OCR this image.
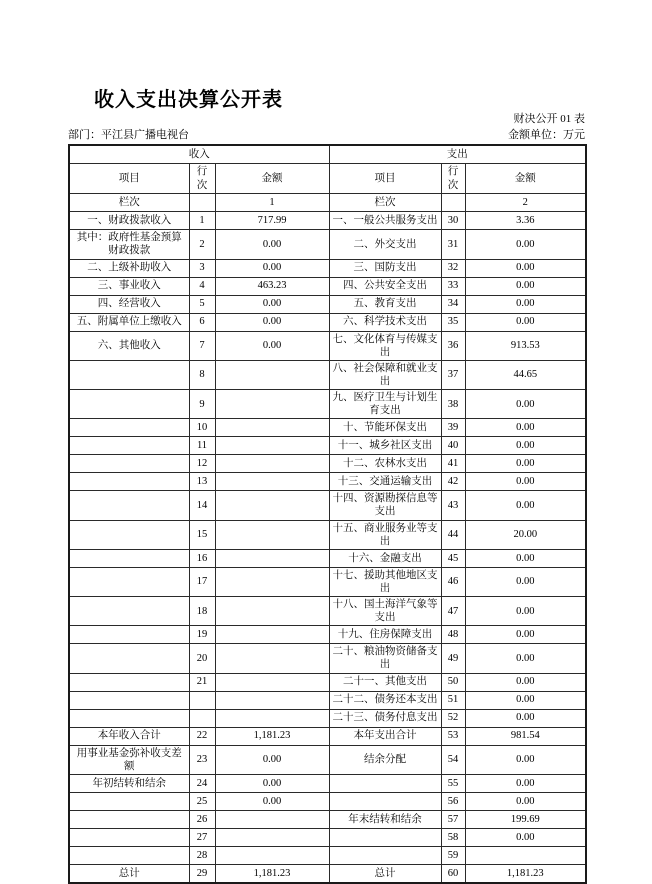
收入支出决算公开表
财决公开 01 表
部门：平江县广播电视台	金额单位：万元
收入			支出		
项目	行次	金额	项目	行次	金额
栏次		1	栏次		2
一、财政拨款收入	1	717.99	一、一般公共服务支出	30	3.36
其中：政府性基金预算财政拨款	2	0.00	二、外交支出	31	0.00
二、上级补助收入	3	0.00	三、国防支出	32	0.00
三、事业收入	4	463.23	四、公共安全支出	33	0.00
四、经营收入	5	0.00	五、教育支出	34	0.00
五、附属单位上缴收入	6	0.00	六、科学技术支出	35	0.00
六、其他收入	7	0.00	七、文化体育与传媒支出	36	913.53
	8		八、社会保障和就业支出	37	44.65
	9		九、医疗卫生与计划生育支出	38	0.00
	10		十、节能环保支出	39	0.00
	11		十一、城乡社区支出	40	0.00
	12		十二、农林水支出	41	0.00
	13		十三、交通运输支出	42	0.00
	14		十四、资源勘探信息等支出	43	0.00
	15		十五、商业服务业等支出	44	20.00
	16		十六、金融支出	45	0.00
	17		十七、援助其他地区支出	46	0.00
	18		十八、国土海洋气象等支出	47	0.00
	19		十九、住房保障支出	48	0.00
	20		二十、粮油物资储备支出	49	0.00
	21		二十一、其他支出	50	0.00
			二十二、债务还本支出	51	0.00
			二十三、债务付息支出	52	0.00
本年收入合计	22	1,181.23	本年支出合计	53	981.54
用事业基金弥补收支差额	23	0.00	结余分配	54	0.00
年初结转和结余	24	0.00		55	0.00
	25	0.00		56	0.00
	26		年末结转和结余	57	199.69
	27			58	0.00
	28			59	
总计	29	1,181.23	总计	60	1,181.23
